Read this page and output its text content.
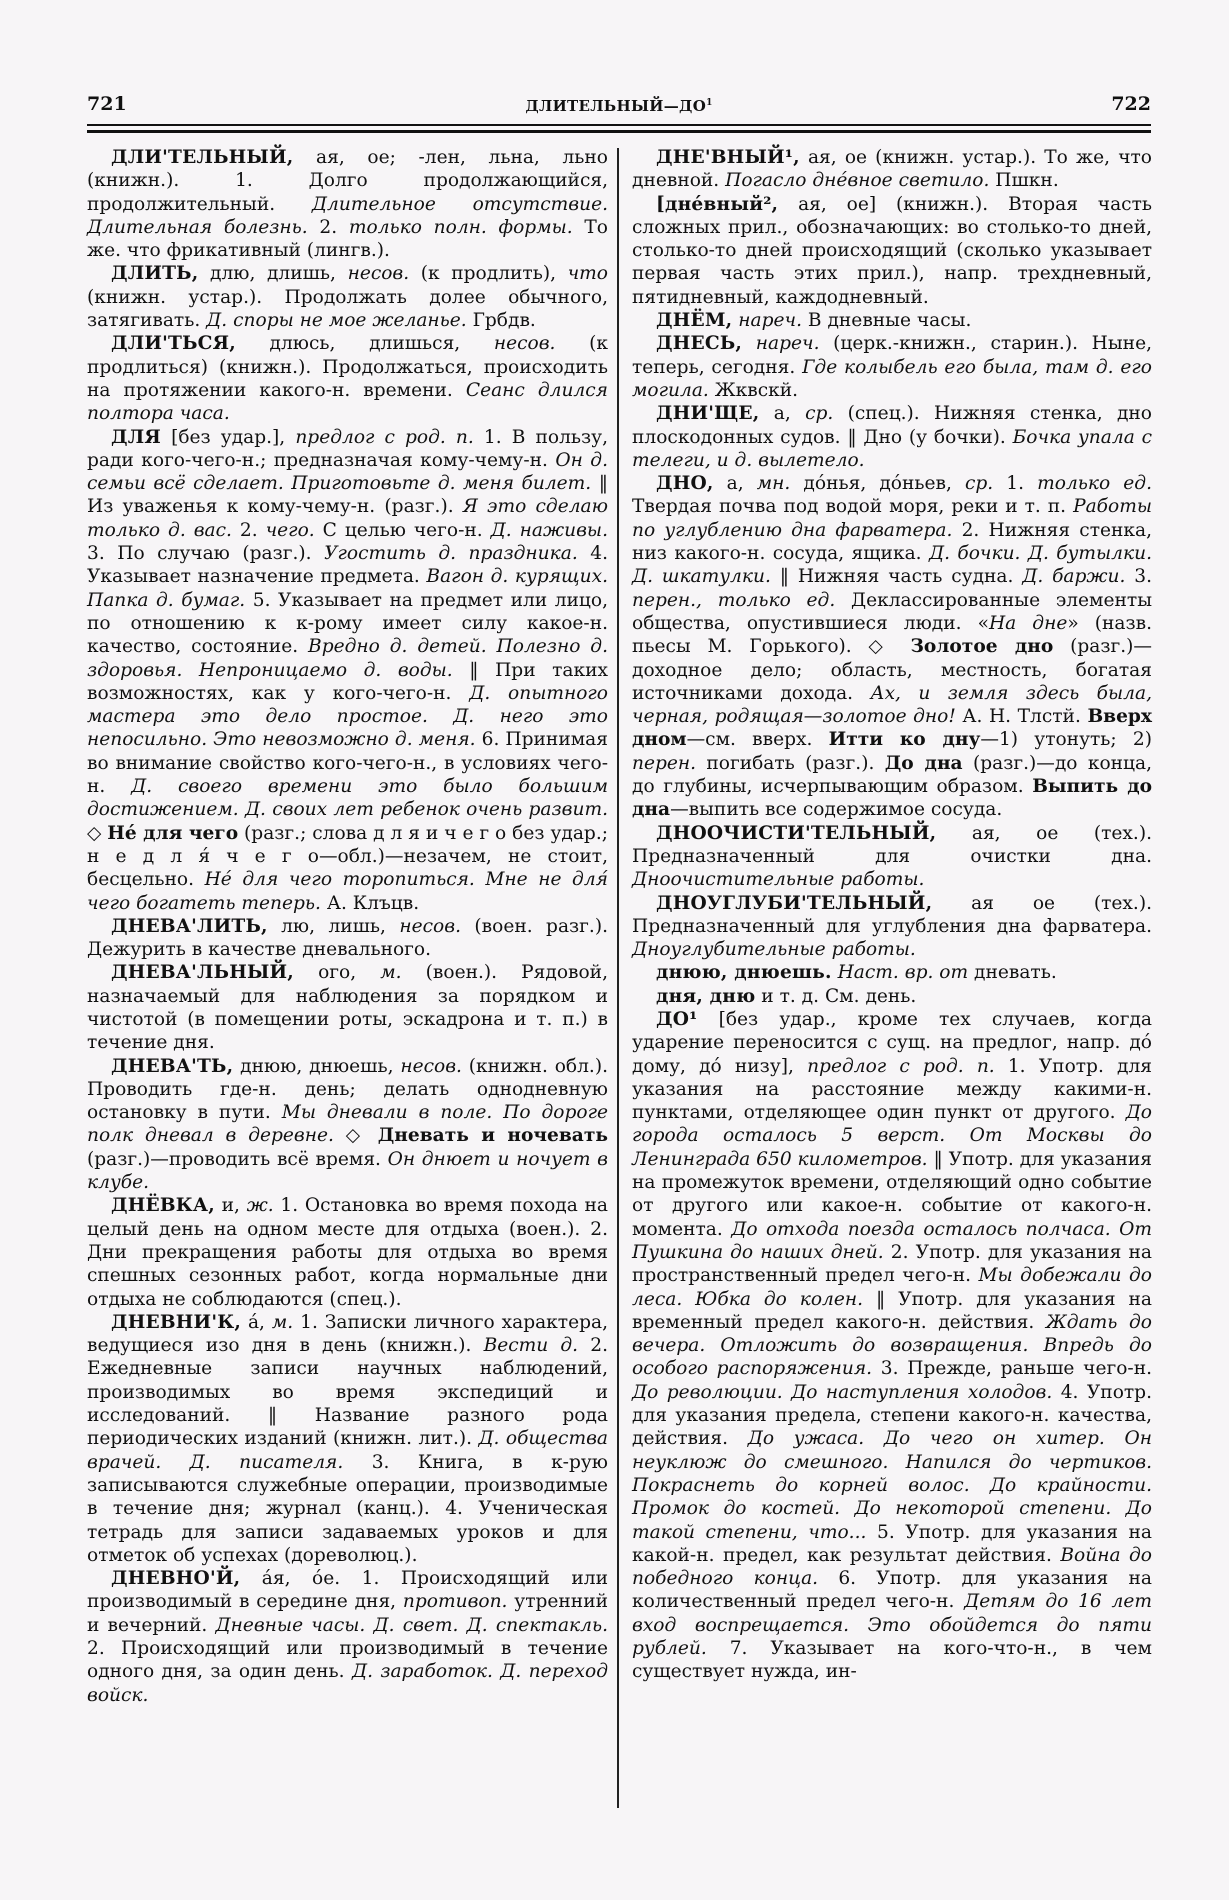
721	$ДЛИТЕЛЬНЫЙ—ДО^1$	722

ДЛИ'ТЕЛЬНЫЙ, ая, ое; -лен, льна, льно (книжн.). 1. Долго продолжающийся, продолжительный. Длительное отсутствие. Длительная болезнь. 2. только полн. формы. То же. что фрикативный (лингв.).

ДЛИТЬ, длю, длишь, несов. (к продлить), что (книжн. устар.). Продолжать долее обычного, затягивать. Д. споры не мое желанье. Грбдв.

ДЛИ'ТЬСЯ, длюсь, длишься, несов. (к продлиться) (книжн.). Продолжаться, происходить на протяжении какого-н. времени. Сеанс длился полтора часа.

ДЛЯ [без удар.], предлог с род. п. 1. В пользу, ради кого-чего-н.; предназначая кому-чему-н. Он д. семьи всё сделает. Приготовьте д. меня билет. ‖ Из уваженья к кому-чему-н. (разг.). Я это сделаю только д. вас. 2. чего. С целью чего-н. Д. наживы. 3. По случаю (разг.). Угостить д. праздника. 4. Указывает назначение предмета. Вагон д. курящих. Папка д. бумаг. 5. Указывает на предмет или лицо, по отношению к к-рому имеет силу какое-н. качество, состояние. Вредно д. детей. Полезно д. здоровья. Непроницаемо д. воды. ‖ При таких возможностях, как у кого-чего-н. Д. опытного мастера это дело простое. Д. него это непосильно. Это невозможно д. меня. 6. Принимая во внимание свойство кого-чего-н., в условиях чего-н. Д. своего времени это было большим достижением. Д. своих лет ребенок очень развит. ◇ Нé для чего (разг.; слова д л я и ч е г о без удар.; н е д л я́ ч е г о—обл.)—незачем, не стоит, бесцельно. Нé для чего торопиться. Мне не для́ чего богатеть теперь. А. Клъцв.

ДНЕВА'ЛИТЬ, лю, лишь, несов. (воен. разг.). Дежурить в качестве дневального.

ДНЕВА'ЛЬНЫЙ, ого, м. (воен.). Рядовой, назначаемый для наблюдения за порядком и чистотой (в помещении роты, эскадрона и т. п.) в течение дня.

ДНЕВА'ТЬ, днюю, днюешь, несов. (книжн. обл.). Проводить где-н. день; делать однодневную остановку в пути. Мы дневали в поле. По дороге полк дневал в деревне. ◇ Дневать и ночевать (разг.)—проводить всё время. Он днюет и ночует в клубе.

ДНЁВКА, и, ж. 1. Остановка во время похода на целый день на одном месте для отдыха (воен.). 2. Дни прекращения работы для отдыха во время спешных сезонных работ, когда нормальные дни отдыха не соблюдаются (спец.).

ДНЕВНИ'К, á, м. 1. Записки личного характера, ведущиеся изо дня в день (книжн.). Вести д. 2. Ежедневные записи научных наблюдений, производимых во время экспедиций и исследований. ‖ Название разного рода периодических изданий (книжн. лит.). Д. общества врачей. Д. писателя. 3. Книга, в к-рую записываются служебные операции, производимые в течение дня; журнал (канц.). 4. Ученическая тетрадь для записи задаваемых уроков и для отметок об успехах (дореволюц.).

ДНЕВНО'Й, áя, óе. 1. Происходящий или производимый в середине дня, противоп. утренний и вечерний. Дневные часы. Д. свет. Д. спектакль. 2. Происходящий или производимый в течение одного дня, за один день. Д. заработок. Д. переход войск.

ДНЕ'ВНЫЙ¹, ая, ое (книжн. устар.). То же, что дневной. Погасло днéвное светило. Пшкн.

[днéвный², ая, ое] (книжн.). Вторая часть сложных прил., обозначающих: во столько-то дней, столько-то дней происходящий (сколько указывает первая часть этих прил.), напр. трехдневный, пятидневный, каждодневный.

ДНЁМ, нареч. В дневные часы.

ДНЕСЬ, нареч. (церк.-книжн., старин.). Ныне, теперь, сегодня. Где колыбель его была, там д. его могила. Жквскй.

ДНИ'ЩЕ, а, ср. (спец.). Нижняя стенка, дно плоскодонных судов. ‖ Дно (у бочки). Бочка упала с телеги, и д. вылетело.

ДНО, а, мн. дóнья, дóньев, ср. 1. только ед. Твердая почва под водой моря, реки и т. п. Работы по углублению дна фарватера. 2. Нижняя стенка, низ какого-н. сосуда, ящика. Д. бочки. Д. бутылки. Д. шкатулки. ‖ Нижняя часть судна. Д. баржи. 3. перен., только ед. Деклассированные элементы общества, опустившиеся люди. «На дне» (назв. пьесы М. Горького). ◇ Золотое дно (разг.)—доходное дело; область, местность, богатая источниками дохода. Ах, и земля здесь была, черная, родящая—золотое дно! А. Н. Тлстй. Вверх дном—см. вверх. Итти ко дну—1) утонуть; 2) перен. погибать (разг.). До дна (разг.)—до конца, до глубины, исчерпывающим образом. Выпить до дна—выпить все содержимое сосуда.

ДНООЧИСТИ'ТЕЛЬНЫЙ, ая, ое (тех.). Предназначенный для очистки дна. Дноочистительные работы.

ДНОУГЛУБИ'ТЕЛЬНЫЙ, ая ое (тех.). Предназначенный для углубления дна фарватера. Дноуглубительные работы.

днюю, днюешь. Наст. вр. от дневать.

дня, дню и т. д. См. день.

ДО¹ [без удар., кроме тех случаев, когда ударение переносится с сущ. на предлог, напр. дó дому, дó низу], предлог с род. п. 1. Употр. для указания на расстояние между какими-н. пунктами, отделяющее один пункт от другого. До города осталось 5 верст. От Москвы до Ленинграда 650 километров. ‖ Употр. для указания на промежуток времени, отделяющий одно событие от другого или какое-н. событие от какого-н. момента. До отхода поезда осталось полчаса. От Пушкина до наших дней. 2. Употр. для указания на пространственный предел чего-н. Мы добежали до леса. Юбка до колен. ‖ Употр. для указания на временный предел какого-н. действия. Ждать до вечера. Отложить до возвращения. Впредь до особого распоряжения. 3. Прежде, раньше чего-н. До революции. До наступления холодов. 4. Употр. для указания предела, степени какого-н. качества, действия. До ужаса. До чего он хитер. Он неуклюж до смешного. Напился до чертиков. Покраснеть до корней волос. До крайности. Промок до костей. До некоторой степени. До такой степени, что... 5. Употр. для указания на какой-н. предел, как результат действия. Война до победного конца. 6. Употр. для указания на количественный предел чего-н. Детям до 16 лет вход воспрещается. Это обойдется до пяти рублей. 7. Указывает на кого-что-н., в чем существует нужда, ин-
